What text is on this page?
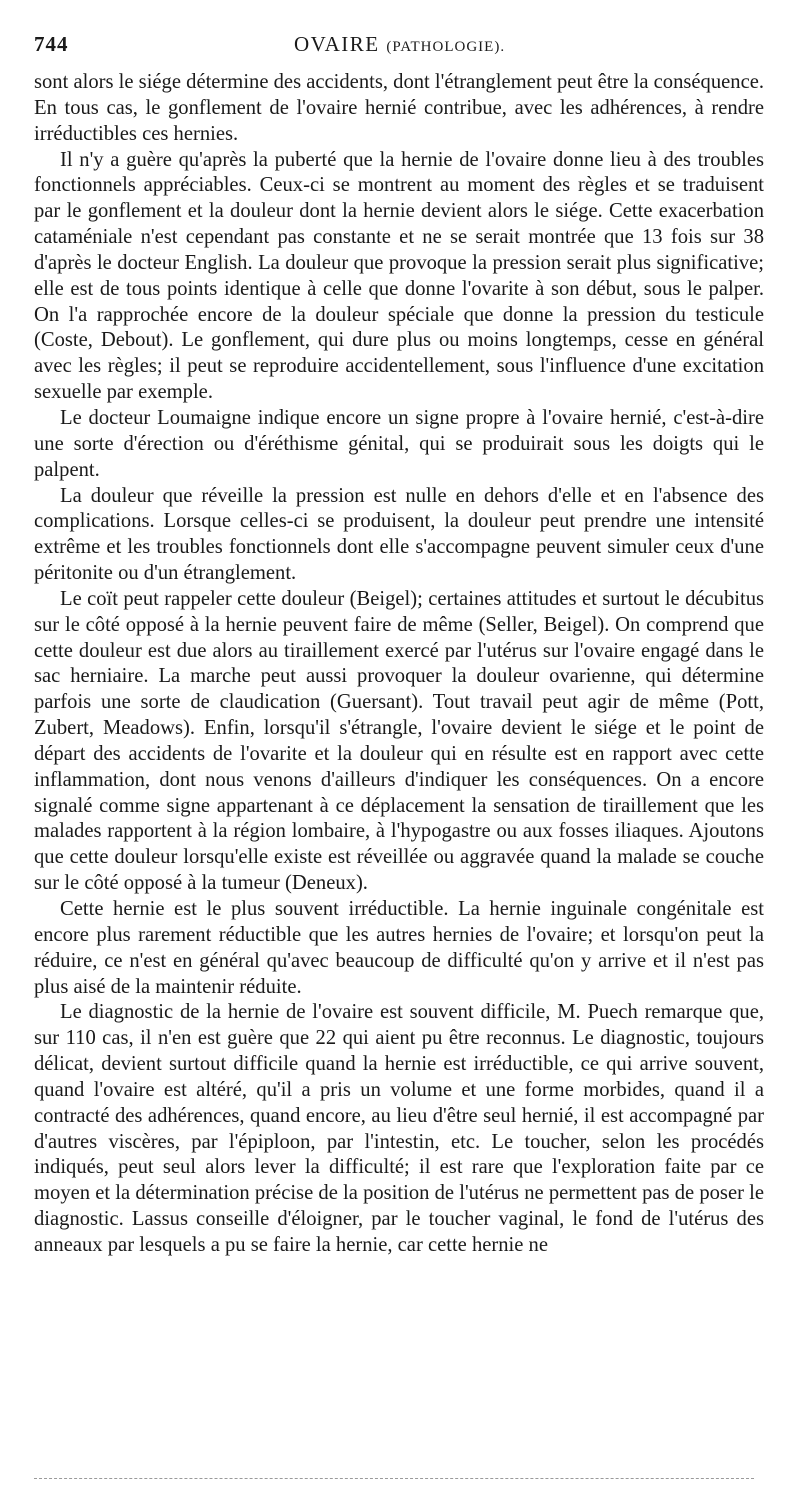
744	OVAIRE (PATHOLOGIE).

sont alors le siége détermine des accidents, dont l'étranglement peut être la conséquence. En tous cas, le gonflement de l'ovaire hernié contribue, avec les adhérences, à rendre irréductibles ces hernies.

Il n'y a guère qu'après la puberté que la hernie de l'ovaire donne lieu à des troubles fonctionnels appréciables. Ceux-ci se montrent au moment des règles et se traduisent par le gonflement et la douleur dont la hernie devient alors le siége. Cette exacerbation cataméniale n'est cependant pas constante et ne se serait montrée que 13 fois sur 38 d'après le docteur English. La douleur que provoque la pression serait plus significative; elle est de tous points identique à celle que donne l'ovarite à son début, sous le palper. On l'a rapprochée encore de la douleur spéciale que donne la pression du testicule (Coste, Debout). Le gonflement, qui dure plus ou moins longtemps, cesse en général avec les règles; il peut se reproduire accidentellement, sous l'influence d'une excitation sexuelle par exemple.

Le docteur Loumaigne indique encore un signe propre à l'ovaire hernié, c'est-à-dire une sorte d'érection ou d'éréthisme génital, qui se produirait sous les doigts qui le palpent.

La douleur que réveille la pression est nulle en dehors d'elle et en l'absence des complications. Lorsque celles-ci se produisent, la douleur peut prendre une intensité extrême et les troubles fonctionnels dont elle s'accompagne peuvent simuler ceux d'une péritonite ou d'un étranglement.

Le coït peut rappeler cette douleur (Beigel); certaines attitudes et surtout le décubitus sur le côté opposé à la hernie peuvent faire de même (Seller, Beigel). On comprend que cette douleur est due alors au tiraillement exercé par l'utérus sur l'ovaire engagé dans le sac herniaire. La marche peut aussi provoquer la douleur ovarienne, qui détermine parfois une sorte de claudication (Guersant). Tout travail peut agir de même (Pott, Zubert, Meadows). Enfin, lorsqu'il s'étrangle, l'ovaire devient le siége et le point de départ des accidents de l'ovarite et la douleur qui en résulte est en rapport avec cette inflammation, dont nous venons d'ailleurs d'indiquer les conséquences. On a encore signalé comme signe appartenant à ce déplacement la sensation de tiraillement que les malades rapportent à la région lombaire, à l'hypogastre ou aux fosses iliaques. Ajoutons que cette douleur lorsqu'elle existe est réveillée ou aggravée quand la malade se couche sur le côté opposé à la tumeur (Deneux).

Cette hernie est le plus souvent irréductible. La hernie inguinale congénitale est encore plus rarement réductible que les autres hernies de l'ovaire; et lorsqu'on peut la réduire, ce n'est en général qu'avec beaucoup de difficulté qu'on y arrive et il n'est pas plus aisé de la maintenir réduite.

Le diagnostic de la hernie de l'ovaire est souvent difficile, M. Puech remarque que, sur 110 cas, il n'en est guère que 22 qui aient pu être reconnus. Le diagnostic, toujours délicat, devient surtout difficile quand la hernie est irréductible, ce qui arrive souvent, quand l'ovaire est altéré, qu'il a pris un volume et une forme morbides, quand il a contracté des adhérences, quand encore, au lieu d'être seul hernié, il est accompagné par d'autres viscères, par l'épiploon, par l'intestin, etc. Le toucher, selon les procédés indiqués, peut seul alors lever la difficulté; il est rare que l'exploration faite par ce moyen et la détermination précise de la position de l'utérus ne permettent pas de poser le diagnostic. Lassus conseille d'éloigner, par le toucher vaginal, le fond de l'utérus des anneaux par lesquels a pu se faire la hernie, car cette hernie ne
